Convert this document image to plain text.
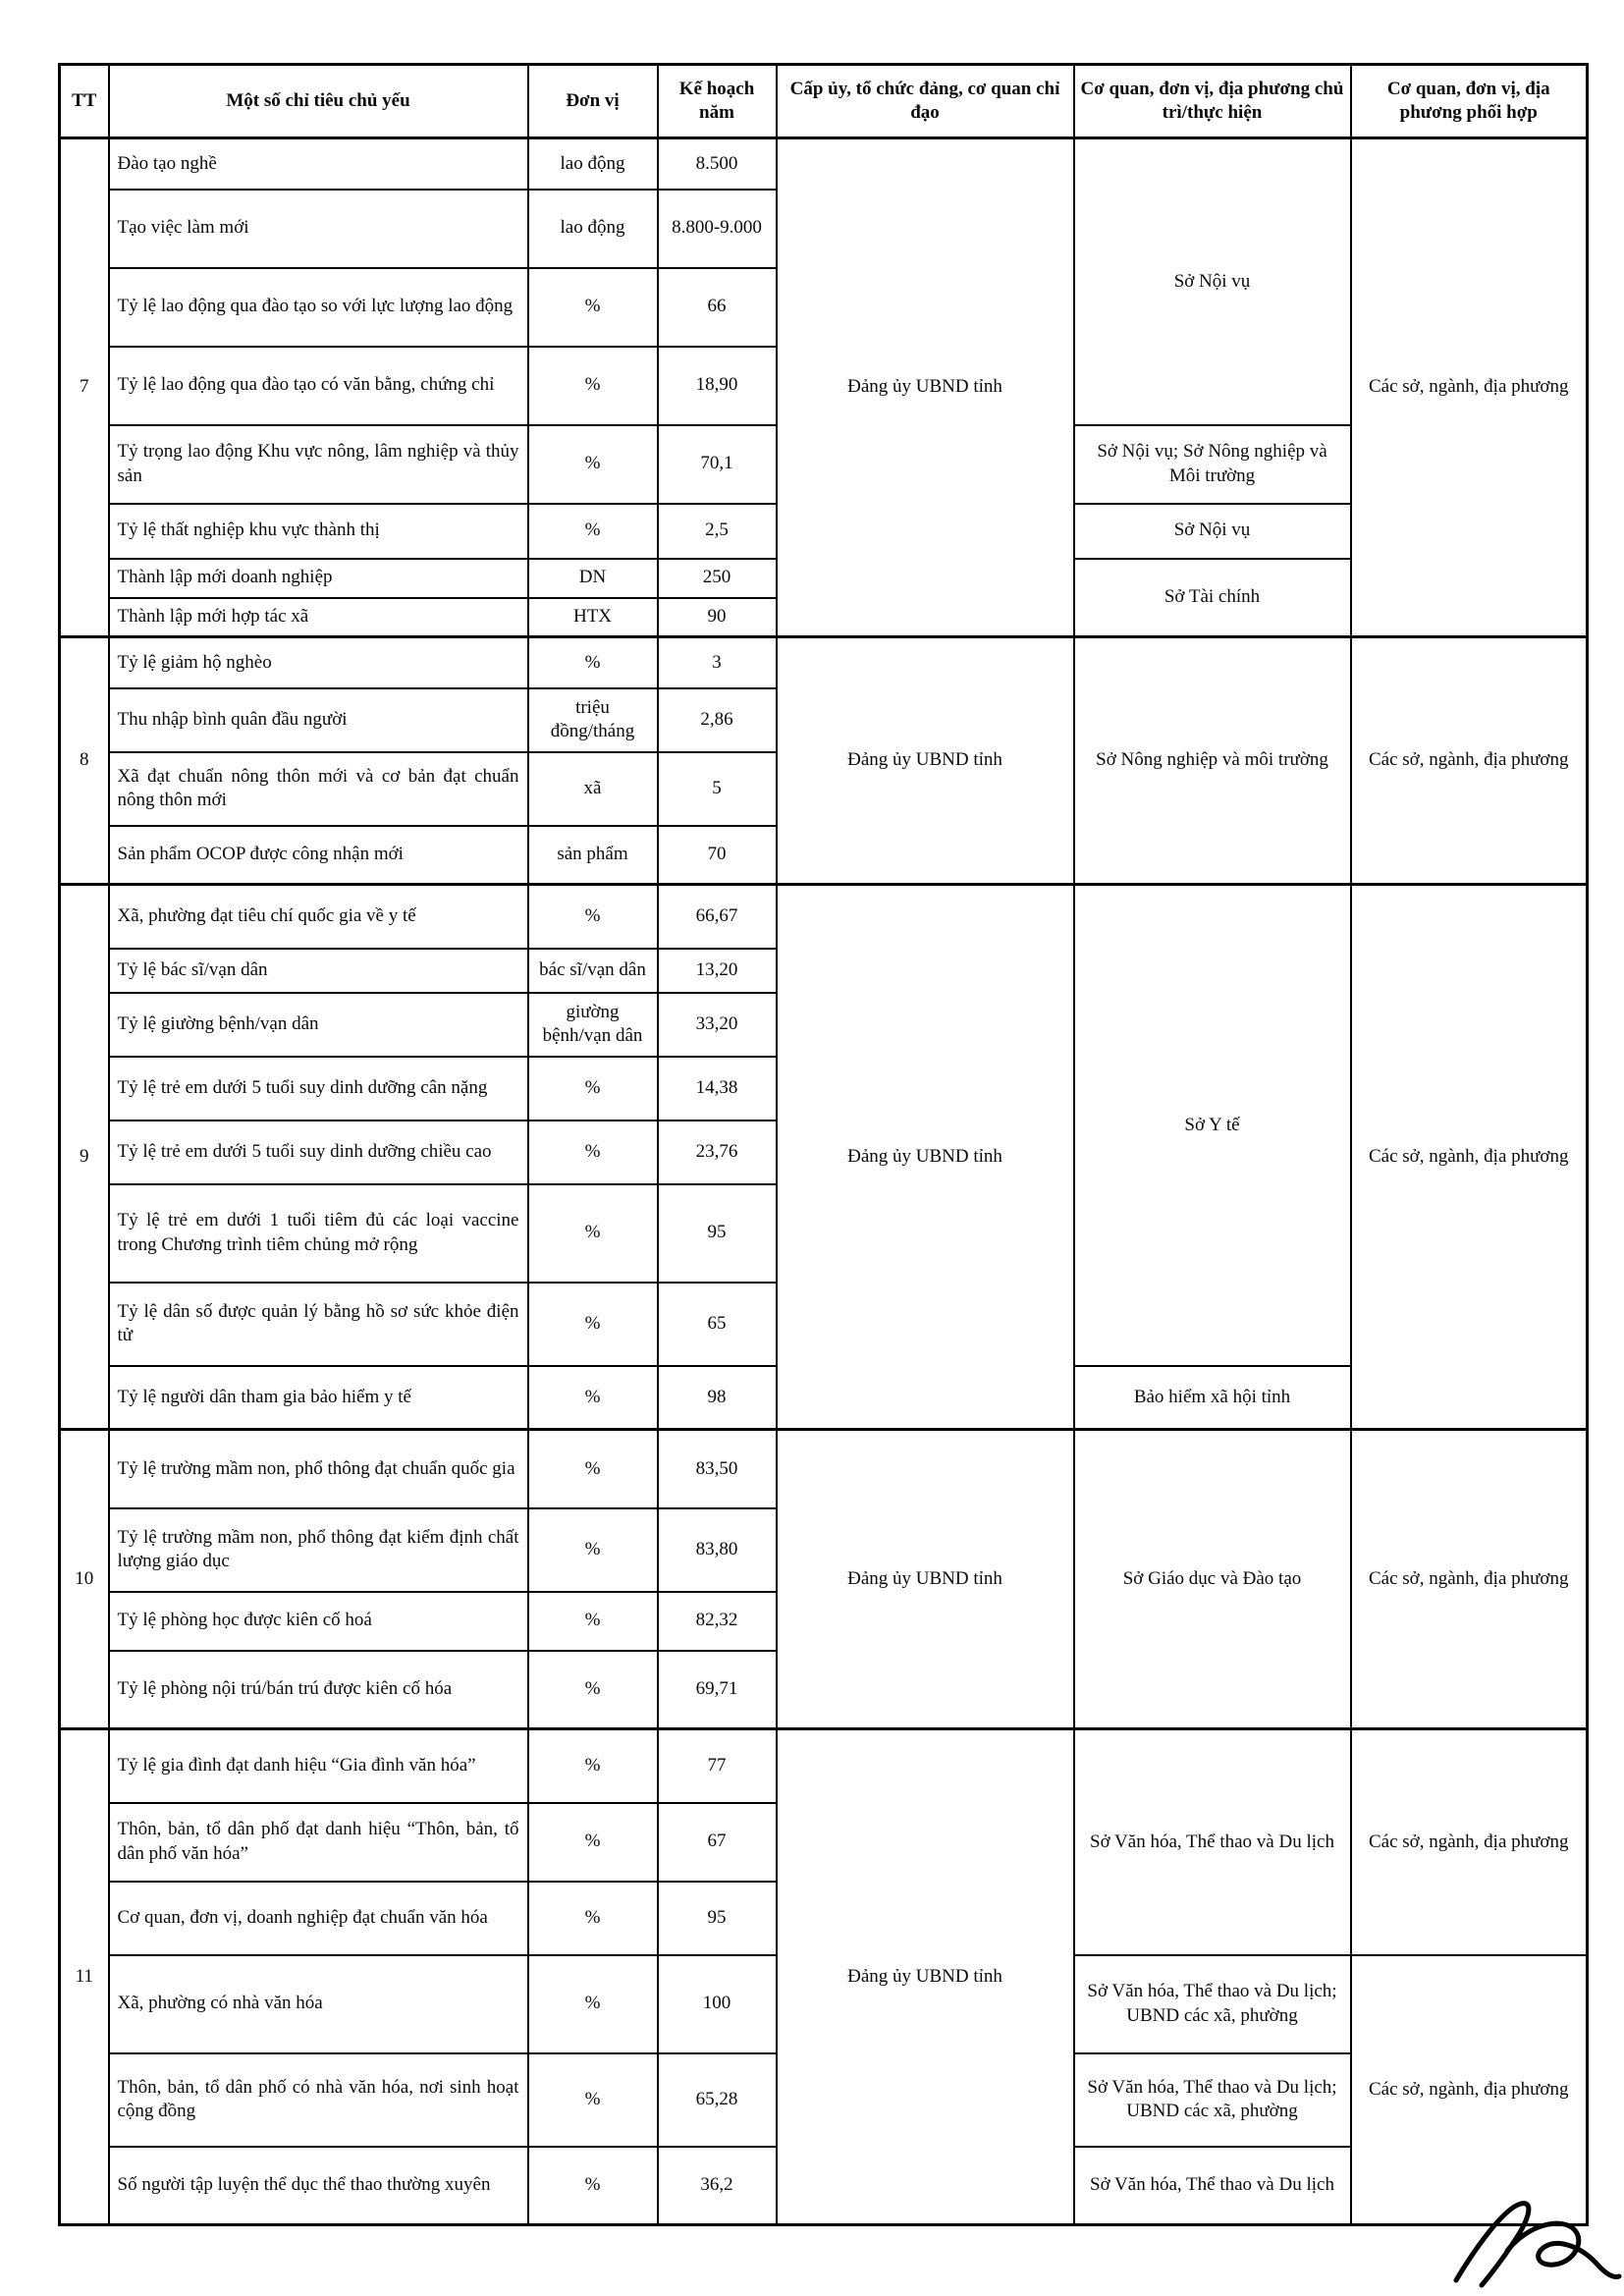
TT	Một số chỉ tiêu chủ yếu	Đơn vị	Kế hoạch năm	Cấp ủy, tổ chức đảng, cơ quan chỉ đạo	Cơ quan, đơn vị, địa phương chủ trì/thực hiện	Cơ quan, đơn vị, địa phương phối hợp
7	Đào tạo nghề	lao động	8.500	Đảng ủy UBND tỉnh	Sở Nội vụ	Các sở, ngành, địa phương
	Tạo việc làm mới	lao động	8.800-9.000			
	Tỷ lệ lao động qua đào tạo so với lực lượng lao động	%	66			
	Tỷ lệ lao động qua đào tạo có văn bằng, chứng chỉ	%	18,90			
	Tỷ trọng lao động Khu vực nông, lâm nghiệp và thủy sản	%	70,1		Sở Nội vụ; Sở Nông nghiệp và Môi trường	
	Tỷ lệ thất nghiệp khu vực thành thị	%	2,5		Sở Nội vụ	
	Thành lập mới doanh nghiệp	DN	250		Sở Tài chính	
	Thành lập mới hợp tác xã	HTX	90			
8	Tỷ lệ giảm hộ nghèo	%	3	Đảng ủy UBND tỉnh	Sở Nông nghiệp và môi trường	Các sở, ngành, địa phương
	Thu nhập bình quân đầu người	triệu đồng/tháng	2,86			
	Xã đạt chuẩn nông thôn mới và cơ bản đạt chuẩn nông thôn mới	xã	5			
	Sản phẩm OCOP được công nhận mới	sản phẩm	70			
9	Xã, phường đạt tiêu chí quốc gia về y tế	%	66,67	Đảng ủy UBND tỉnh	Sở Y tế	Các sở, ngành, địa phương
	Tỷ lệ bác sĩ/vạn dân	bác sĩ/vạn dân	13,20			
	Tỷ lệ giường bệnh/vạn dân	giường bệnh/vạn dân	33,20			
	Tỷ lệ trẻ em dưới 5 tuổi suy dinh dưỡng cân nặng	%	14,38			
	Tỷ lệ trẻ em dưới 5 tuổi suy dinh dưỡng chiều cao	%	23,76			
	Tỷ lệ trẻ em dưới 1 tuổi tiêm đủ các loại vaccine trong Chương trình tiêm chủng mở rộng	%	95			
	Tỷ lệ dân số được quản lý bằng hồ sơ sức khỏe điện tử	%	65			
	Tỷ lệ người dân tham gia bảo hiểm y tế	%	98		Bảo hiểm xã hội tỉnh	
10	Tỷ lệ trường mầm non, phổ thông đạt chuẩn quốc gia	%	83,50	Đảng ủy UBND tỉnh	Sở Giáo dục và Đào tạo	Các sở, ngành, địa phương
	Tỷ lệ trường mầm non, phổ thông đạt kiểm định chất lượng giáo dục	%	83,80			
	Tỷ lệ phòng học được kiên cố hoá	%	82,32			
	Tỷ lệ phòng nội trú/bán trú được kiên cố hóa	%	69,71			
11	Tỷ lệ gia đình đạt danh hiệu “Gia đình văn hóa”	%	77	Đảng ủy UBND tỉnh	Sở Văn hóa, Thể thao và Du lịch	Các sở, ngành, địa phương
	Thôn, bản, tổ dân phố đạt danh hiệu “Thôn, bản, tổ dân phố văn hóa”	%	67			
	Cơ quan, đơn vị, doanh nghiệp đạt chuẩn văn hóa	%	95			
	Xã, phường có nhà văn hóa	%	100		Sở Văn hóa, Thể thao và Du lịch; UBND các xã, phường	Các sở, ngành, địa phương
	Thôn, bản, tổ dân phố có nhà văn hóa, nơi sinh hoạt cộng đồng	%	65,28		Sở Văn hóa, Thể thao và Du lịch; UBND các xã, phường	
	Số người tập luyện thể dục thể thao thường xuyên	%	36,2		Sở Văn hóa, Thể thao và Du lịch	
